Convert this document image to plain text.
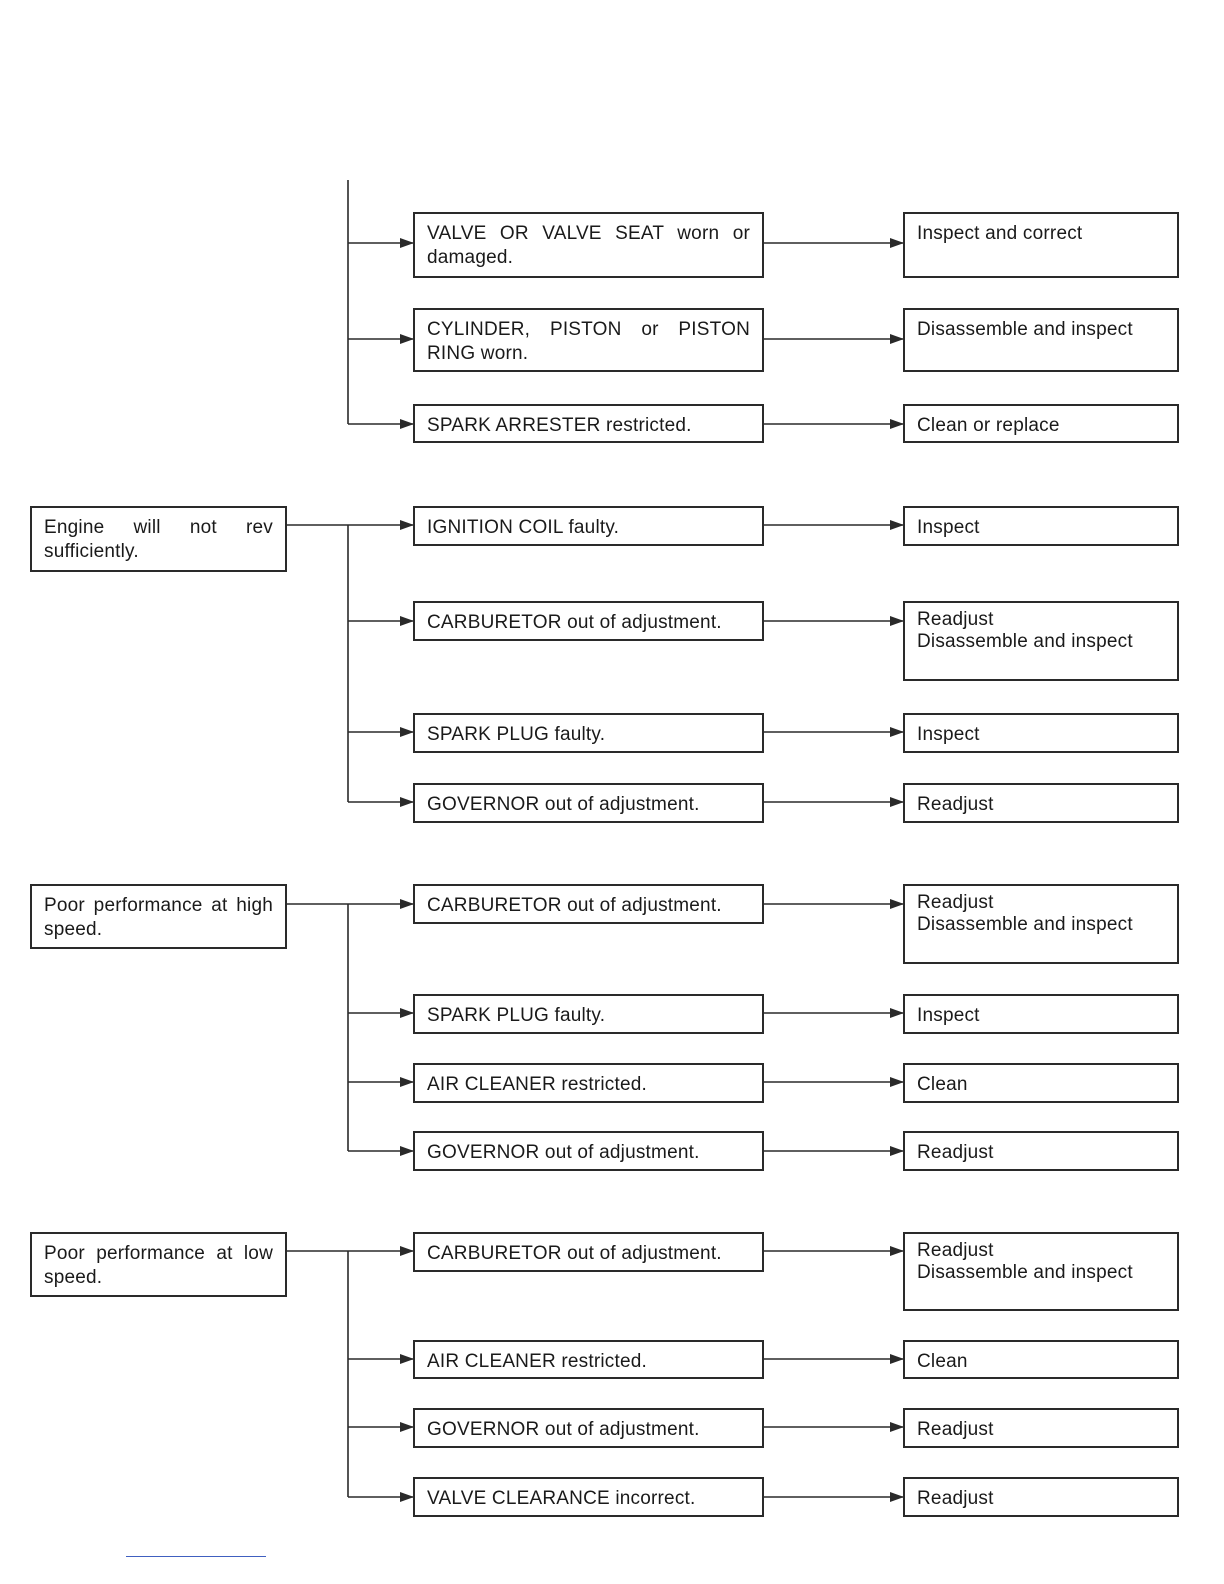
VALVE OR VALVE SEAT worn or damaged.
CYLINDER, PISTON or PISTON RING worn.
SPARK ARRESTER restricted.
Inspect and correct
Disassemble and inspect
Clean or replace
Engine will not rev sufficiently.
IGNITION COIL faulty.
CARBURETOR out of adjustment.
SPARK PLUG faulty.
GOVERNOR out of adjustment.
Inspect
Readjust
Disassemble and inspect
Inspect
Readjust
Poor performance at high speed.
CARBURETOR out of adjustment.
SPARK PLUG faulty.
AIR CLEANER restricted.
GOVERNOR out of adjustment.
Readjust
Disassemble and inspect
Inspect
Clean
Readjust
Poor performance at low speed.
CARBURETOR out of adjustment.
AIR CLEANER restricted.
GOVERNOR out of adjustment.
VALVE CLEARANCE incorrect.
Readjust
Disassemble and inspect
Clean
Readjust
Readjust
